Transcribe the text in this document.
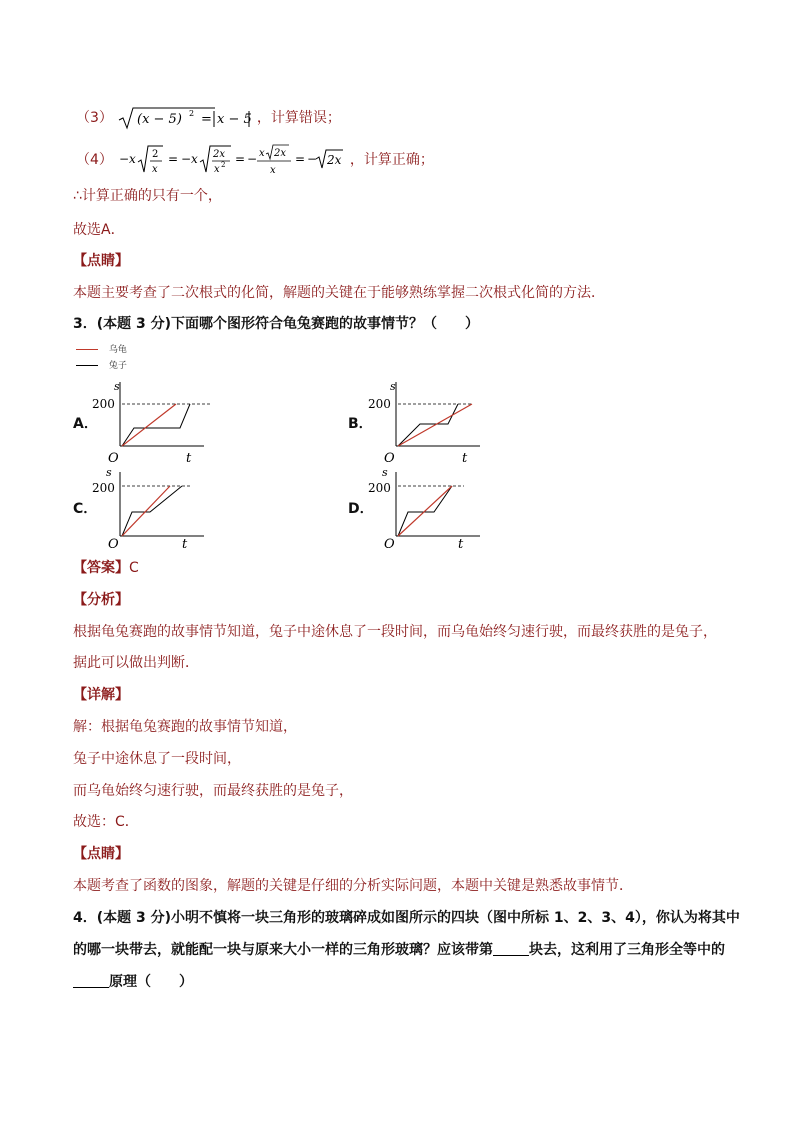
（3） (x − 5) 2 = x − 5 ，计算错误；
（4） − x 2
x
= − x 2x
x 2 = − x 2x
x
= − 2x ，计算正确；
∴计算正确的只有一个，
故选A．
【点睛】
本题主要考查了二次根式的化简，解题的关键在于能够熟练掌握二次根式化简的方法．
3．(本题 3 分)下面哪个图形符合龟兔赛跑的故事情节？（　　）
乌龟
兔子
A．	B．
C．	D．
s
t
O
200
s
t
O
200
s
t
O
200
s
t
O
200
【答案】C
【分析】
根据龟兔赛跑的故事情节知道，兔子中途休息了一段时间，而乌龟始终匀速行驶，而最终获胜的是兔子，
据此可以做出判断．
【详解】
解：根据龟兔赛跑的故事情节知道，
兔子中途休息了一段时间，
而乌龟始终匀速行驶，而最终获胜的是兔子，
故选：C．
【点睛】
本题考查了函数的图象，解题的关键是仔细的分析实际问题，本题中关键是熟悉故事情节．
4．(本题 3 分)小明不慎将一块三角形的玻璃碎成如图所示的四块（图中所标 1、2、3、4），你认为将其中
的哪一块带去，就能配一块与原来大小一样的三角形玻璃？应该带第	块去，这利用了三角形全等中的
原理（　　）
